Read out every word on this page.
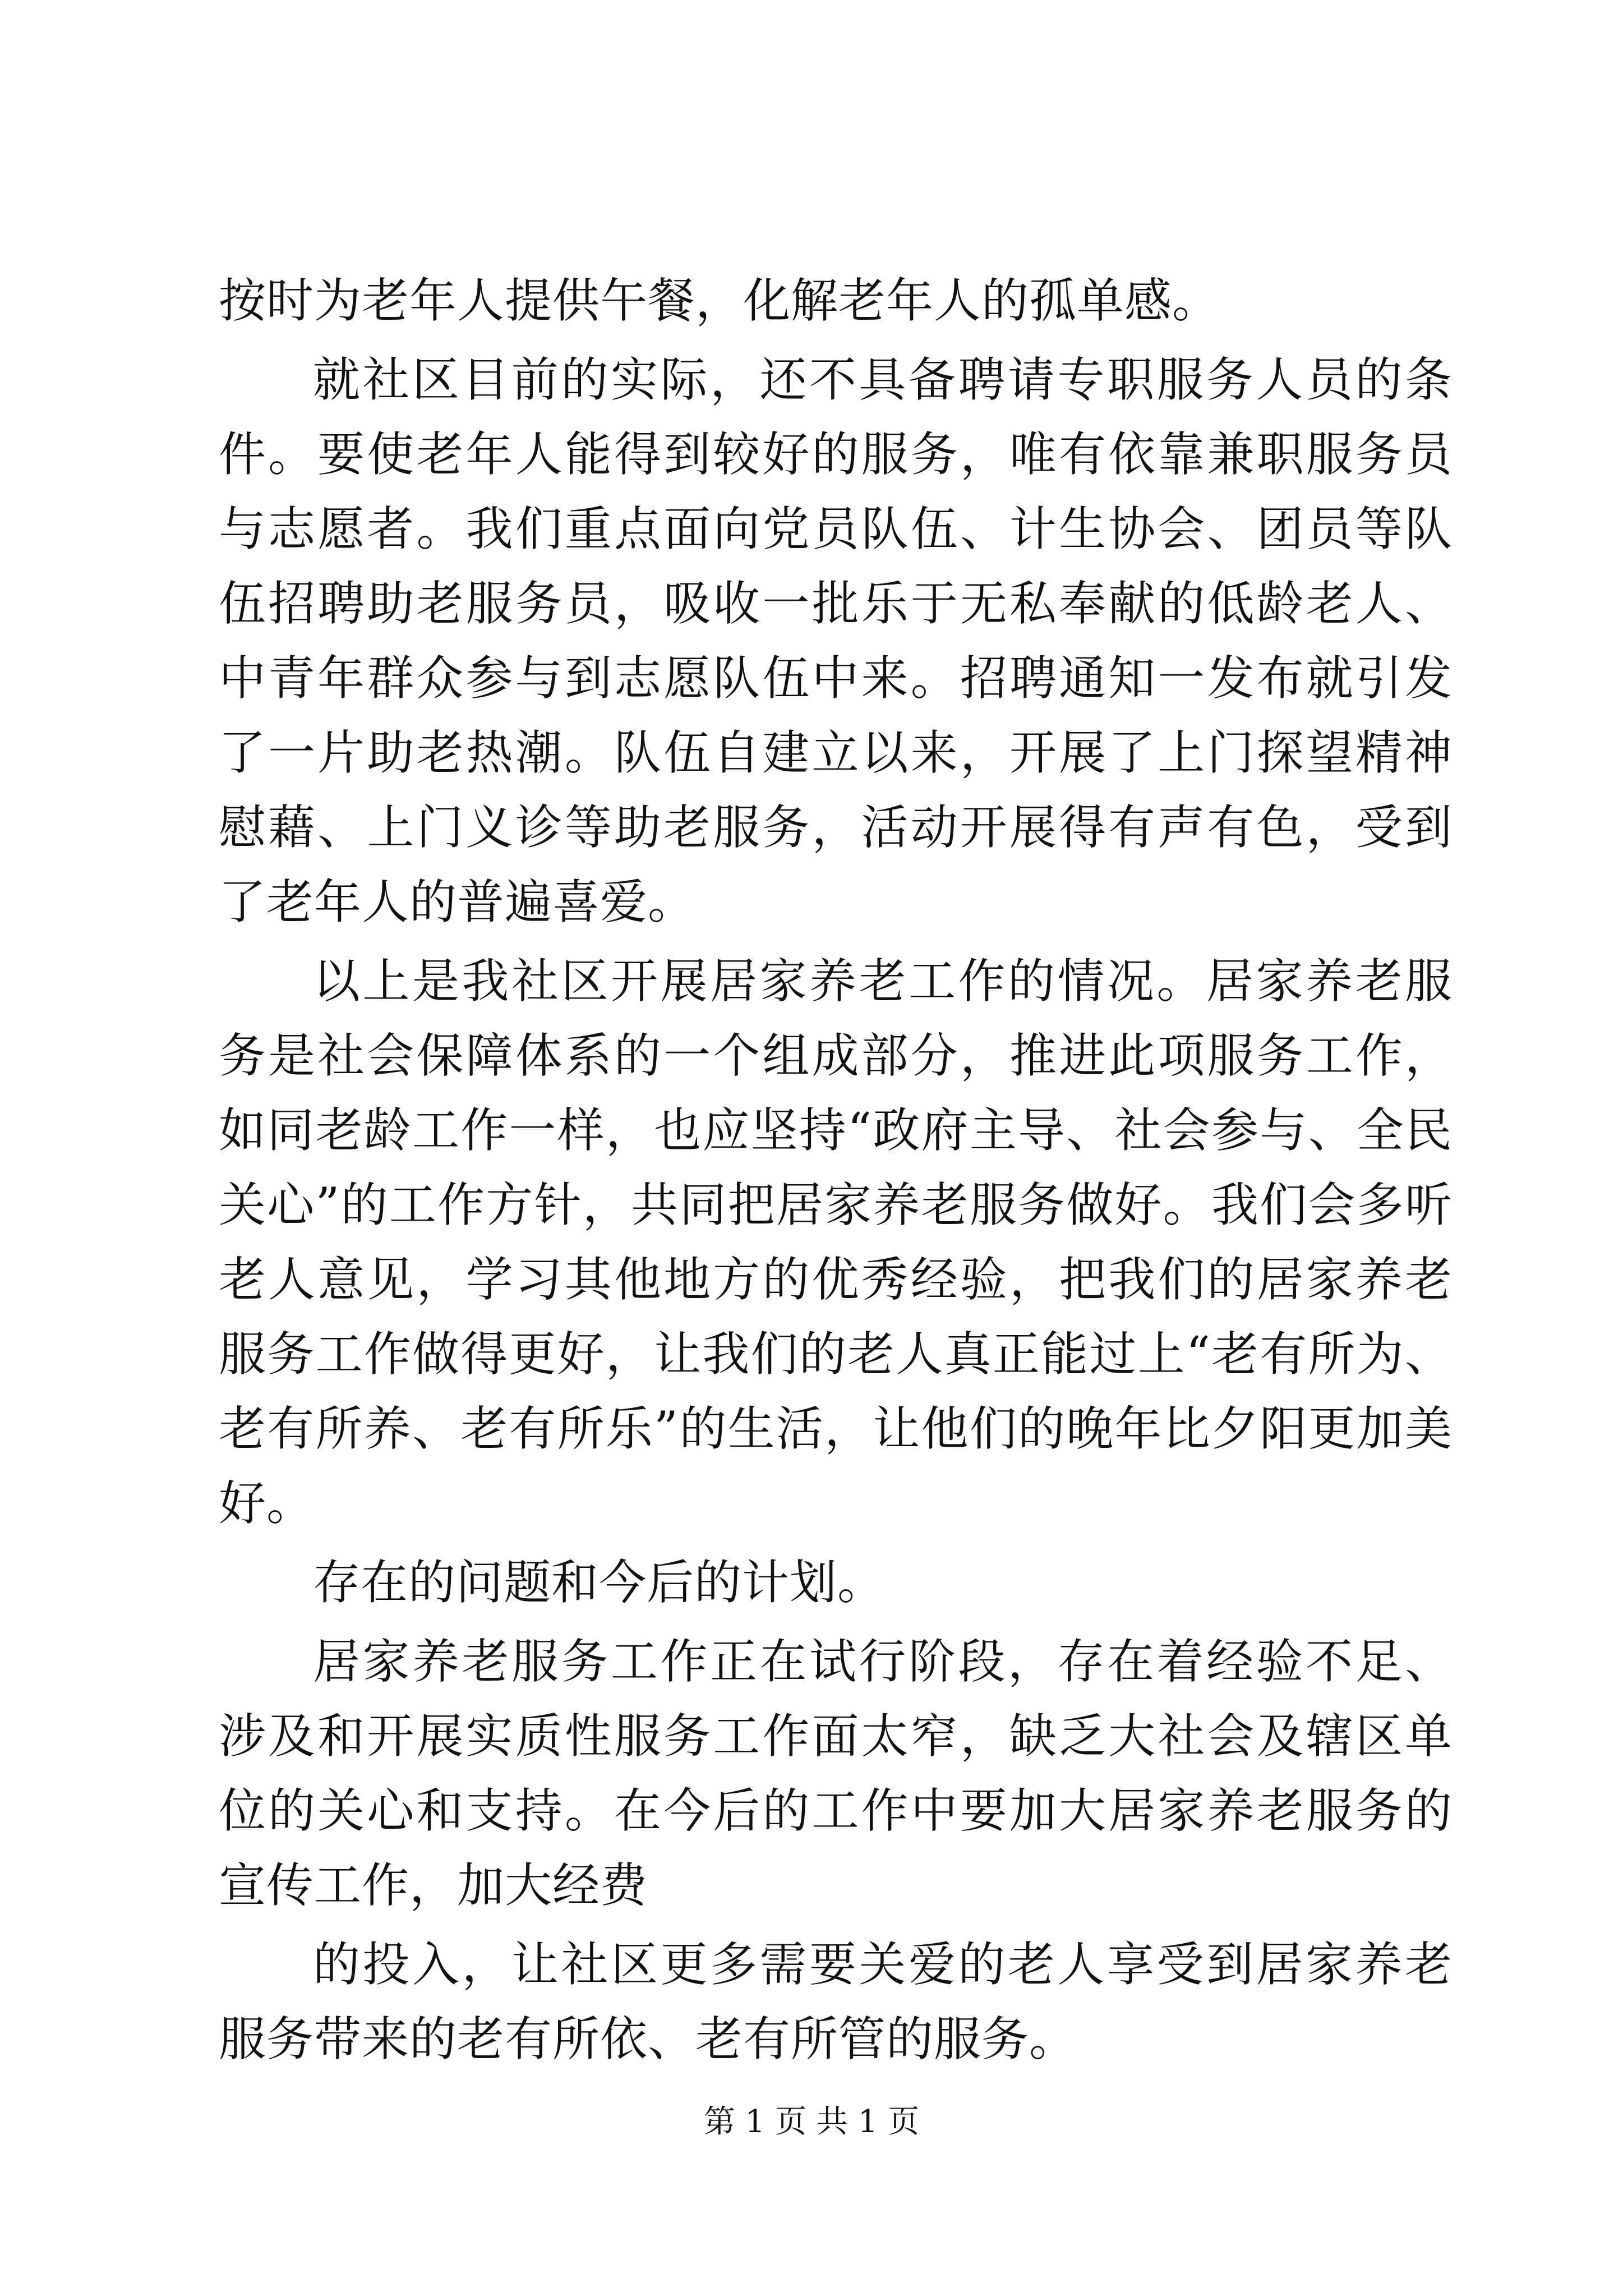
按时为老年人提供午餐，化解老年人的孤单感。

就社区目前的实际，还不具备聘请专职服务人员的条件。要使老年人能得到较好的服务，唯有依靠兼职服务员与志愿者。我们重点面向党员队伍、计生协会、团员等队伍招聘助老服务员，吸收一批乐于无私奉献的低龄老人、中青年群众参与到志愿队伍中来。招聘通知一发布就引发了一片助老热潮。队伍自建立以来，开展了上门探望精神慰藉、上门义诊等助老服务，活动开展得有声有色，受到了老年人的普遍喜爱。

以上是我社区开展居家养老工作的情况。居家养老服务是社会保障体系的一个组成部分，推进此项服务工作，如同老龄工作一样，也应坚持“政府主导、社会参与、全民关心”的工作方针，共同把居家养老服务做好。我们会多听老人意见，学习其他地方的优秀经验，把我们的居家养老服务工作做得更好，让我们的老人真正能过上“老有所为、老有所养、老有所乐”的生活，让他们的晚年比夕阳更加美好。

存在的问题和今后的计划。

居家养老服务工作正在试行阶段，存在着经验不足、涉及和开展实质性服务工作面太窄，缺乏大社会及辖区单位的关心和支持。在今后的工作中要加大居家养老服务的宣传工作，加大经费

的投入，让社区更多需要关爱的老人享受到居家养老服务带来的老有所依、老有所管的服务。

第 1 页 共 1 页
